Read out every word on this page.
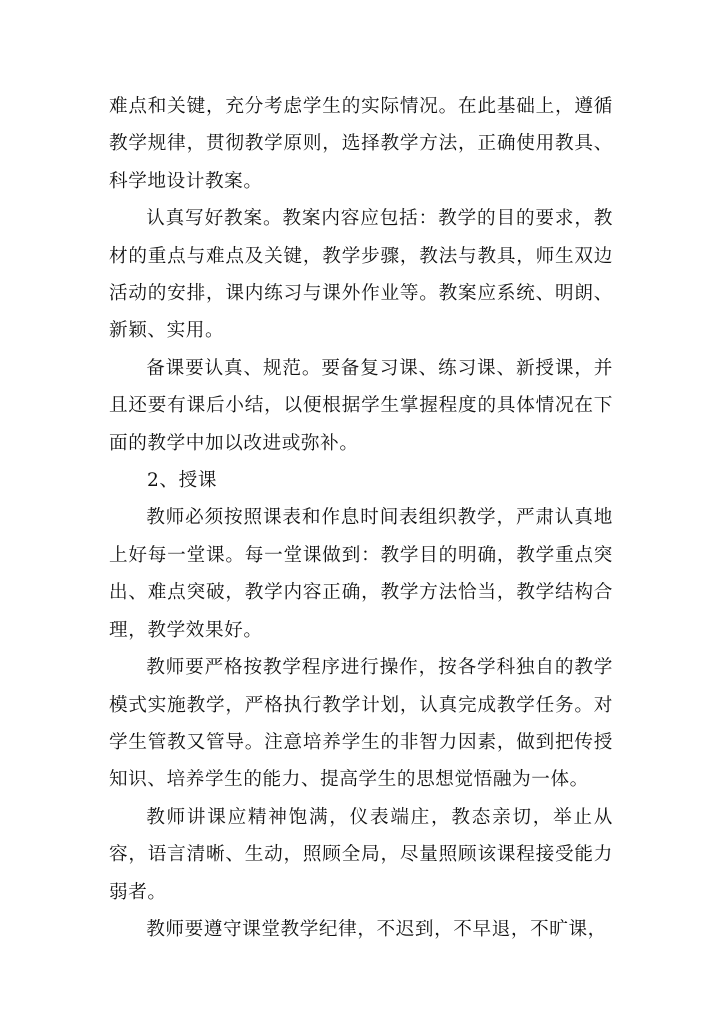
难点和关键，充分考虑学生的实际情况。在此基础上，遵循教学规律，贯彻教学原则，选择教学方法，正确使用教具、科学地设计教案。

认真写好教案。教案内容应包括：教学的目的要求，教材的重点与难点及关键，教学步骤，教法与教具，师生双边活动的安排，课内练习与课外作业等。教案应系统、明朗、新颖、实用。

备课要认真、规范。要备复习课、练习课、新授课，并且还要有课后小结，以便根据学生掌握程度的具体情况在下面的教学中加以改进或弥补。

2、授课

教师必须按照课表和作息时间表组织教学，严肃认真地上好每一堂课。每一堂课做到：教学目的明确，教学重点突出、难点突破，教学内容正确，教学方法恰当，教学结构合理，教学效果好。

教师要严格按教学程序进行操作，按各学科独自的教学模式实施教学，严格执行教学计划，认真完成教学任务。对学生管教又管导。注意培养学生的非智力因素，做到把传授知识、培养学生的能力、提高学生的思想觉悟融为一体。

教师讲课应精神饱满，仪表端庄，教态亲切，举止从容，语言清晰、生动，照顾全局，尽量照顾该课程接受能力弱者。

教师要遵守课堂教学纪律，不迟到，不早退，不旷课，
